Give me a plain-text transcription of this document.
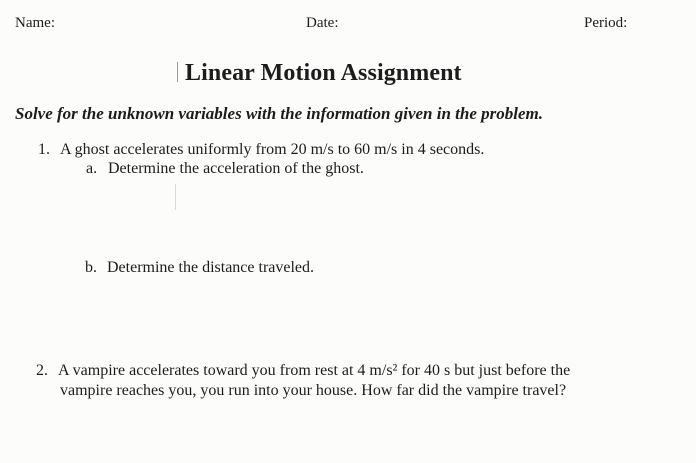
Name:	Date:	Period:
Linear Motion Assignment
Solve for the unknown variables with the information given in the problem.
1. A ghost accelerates uniformly from 20 m/s to 60 m/s in 4 seconds.
a. Determine the acceleration of the ghost.
b. Determine the distance traveled.
2. A vampire accelerates toward you from rest at 4 m/s² for 40 s but just before the
vampire reaches you, you run into your house. How far did the vampire travel?
